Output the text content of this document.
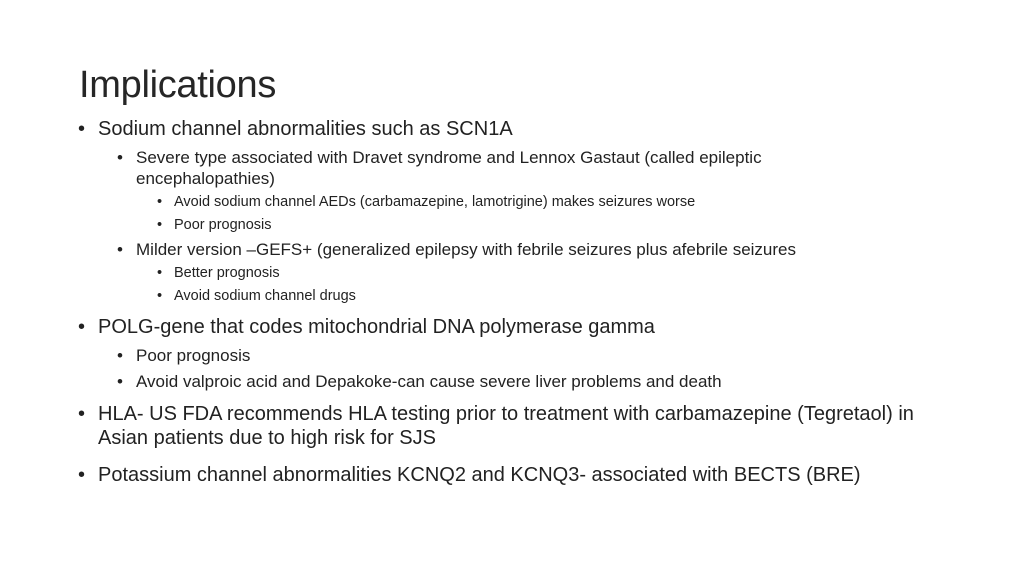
Implications
• Sodium channel abnormalities such as SCN1A
• Severe type associated with Dravet syndrome and Lennox Gastaut (called epileptic encephalopathies)
• Avoid sodium channel AEDs (carbamazepine, lamotrigine) makes seizures worse
• Poor prognosis
• Milder version –GEFS+ (generalized epilepsy with febrile seizures plus afebrile seizures
• Better prognosis
• Avoid sodium channel drugs
• POLG-gene that codes mitochondrial DNA polymerase gamma
• Poor prognosis
• Avoid valproic acid and Depakoke-can cause severe liver problems and death
• HLA- US FDA recommends HLA testing prior to treatment with carbamazepine (Tegretaol) in Asian patients due to high risk for SJS
• Potassium channel abnormalities KCNQ2 and KCNQ3- associated with BECTS (BRE)
